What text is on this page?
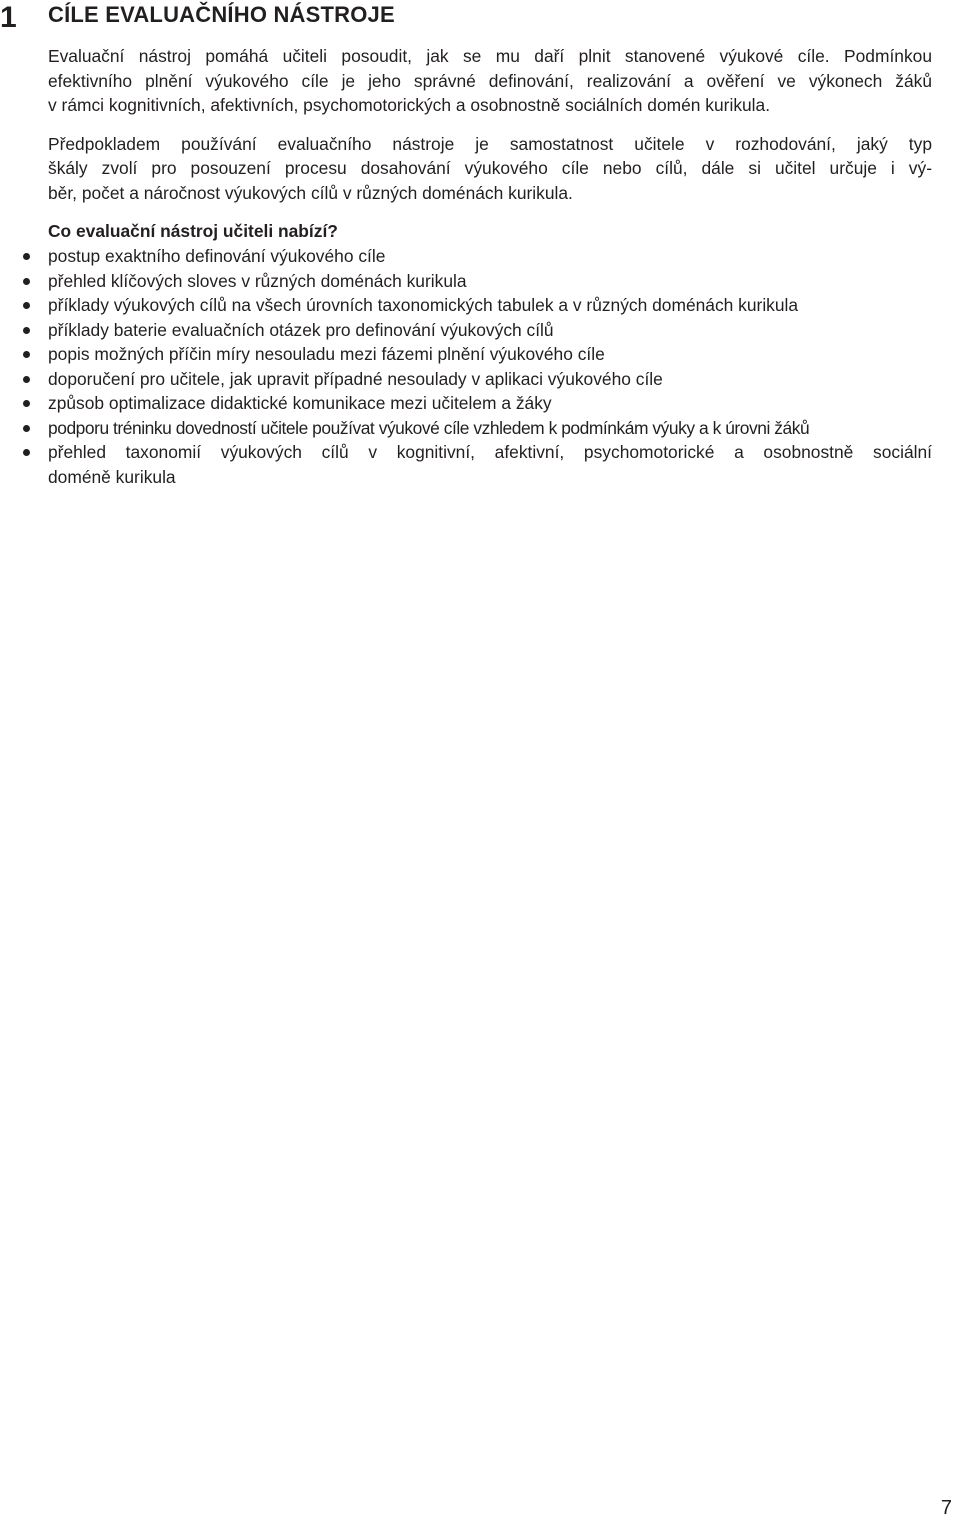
1 CÍLE EVALUAČNÍHO NÁSTROJE

Evaluační nástroj pomáhá učiteli posoudit, jak se mu daří plnit stanovené výukové cíle. Podmínkou
efektivního plnění výukového cíle je jeho správné definování, realizování a ověření ve výkonech žáků
v rámci kognitivních, afektivních, psychomotorických a osobnostně sociálních domén kurikula.

Předpokladem používání evaluačního nástroje je samostatnost učitele v rozhodování, jaký typ
škály zvolí pro posouzení procesu dosahování výukového cíle nebo cílů, dále si učitel určuje i vý-
běr, počet a náročnost výukových cílů v různých doménách kurikula.

Co evaluační nástroj učiteli nabízí?
postup exaktního definování výukového cíle
přehled klíčových sloves v různých doménách kurikula
příklady výukových cílů na všech úrovních taxonomických tabulek a v různých doménách kurikula
příklady baterie evaluačních otázek pro definování výukových cílů
popis možných příčin míry nesouladu mezi fázemi plnění výukového cíle
doporučení pro učitele, jak upravit případné nesoulady v aplikaci výukového cíle
způsob optimalizace didaktické komunikace mezi učitelem a žáky
podporu tréninku dovedností učitele používat výukové cíle vzhledem k podmínkám výuky a k úrovni žáků
přehled taxonomií výukových cílů v kognitivní, afektivní, psychomotorické a osobnostně sociální
doméně kurikula
7
